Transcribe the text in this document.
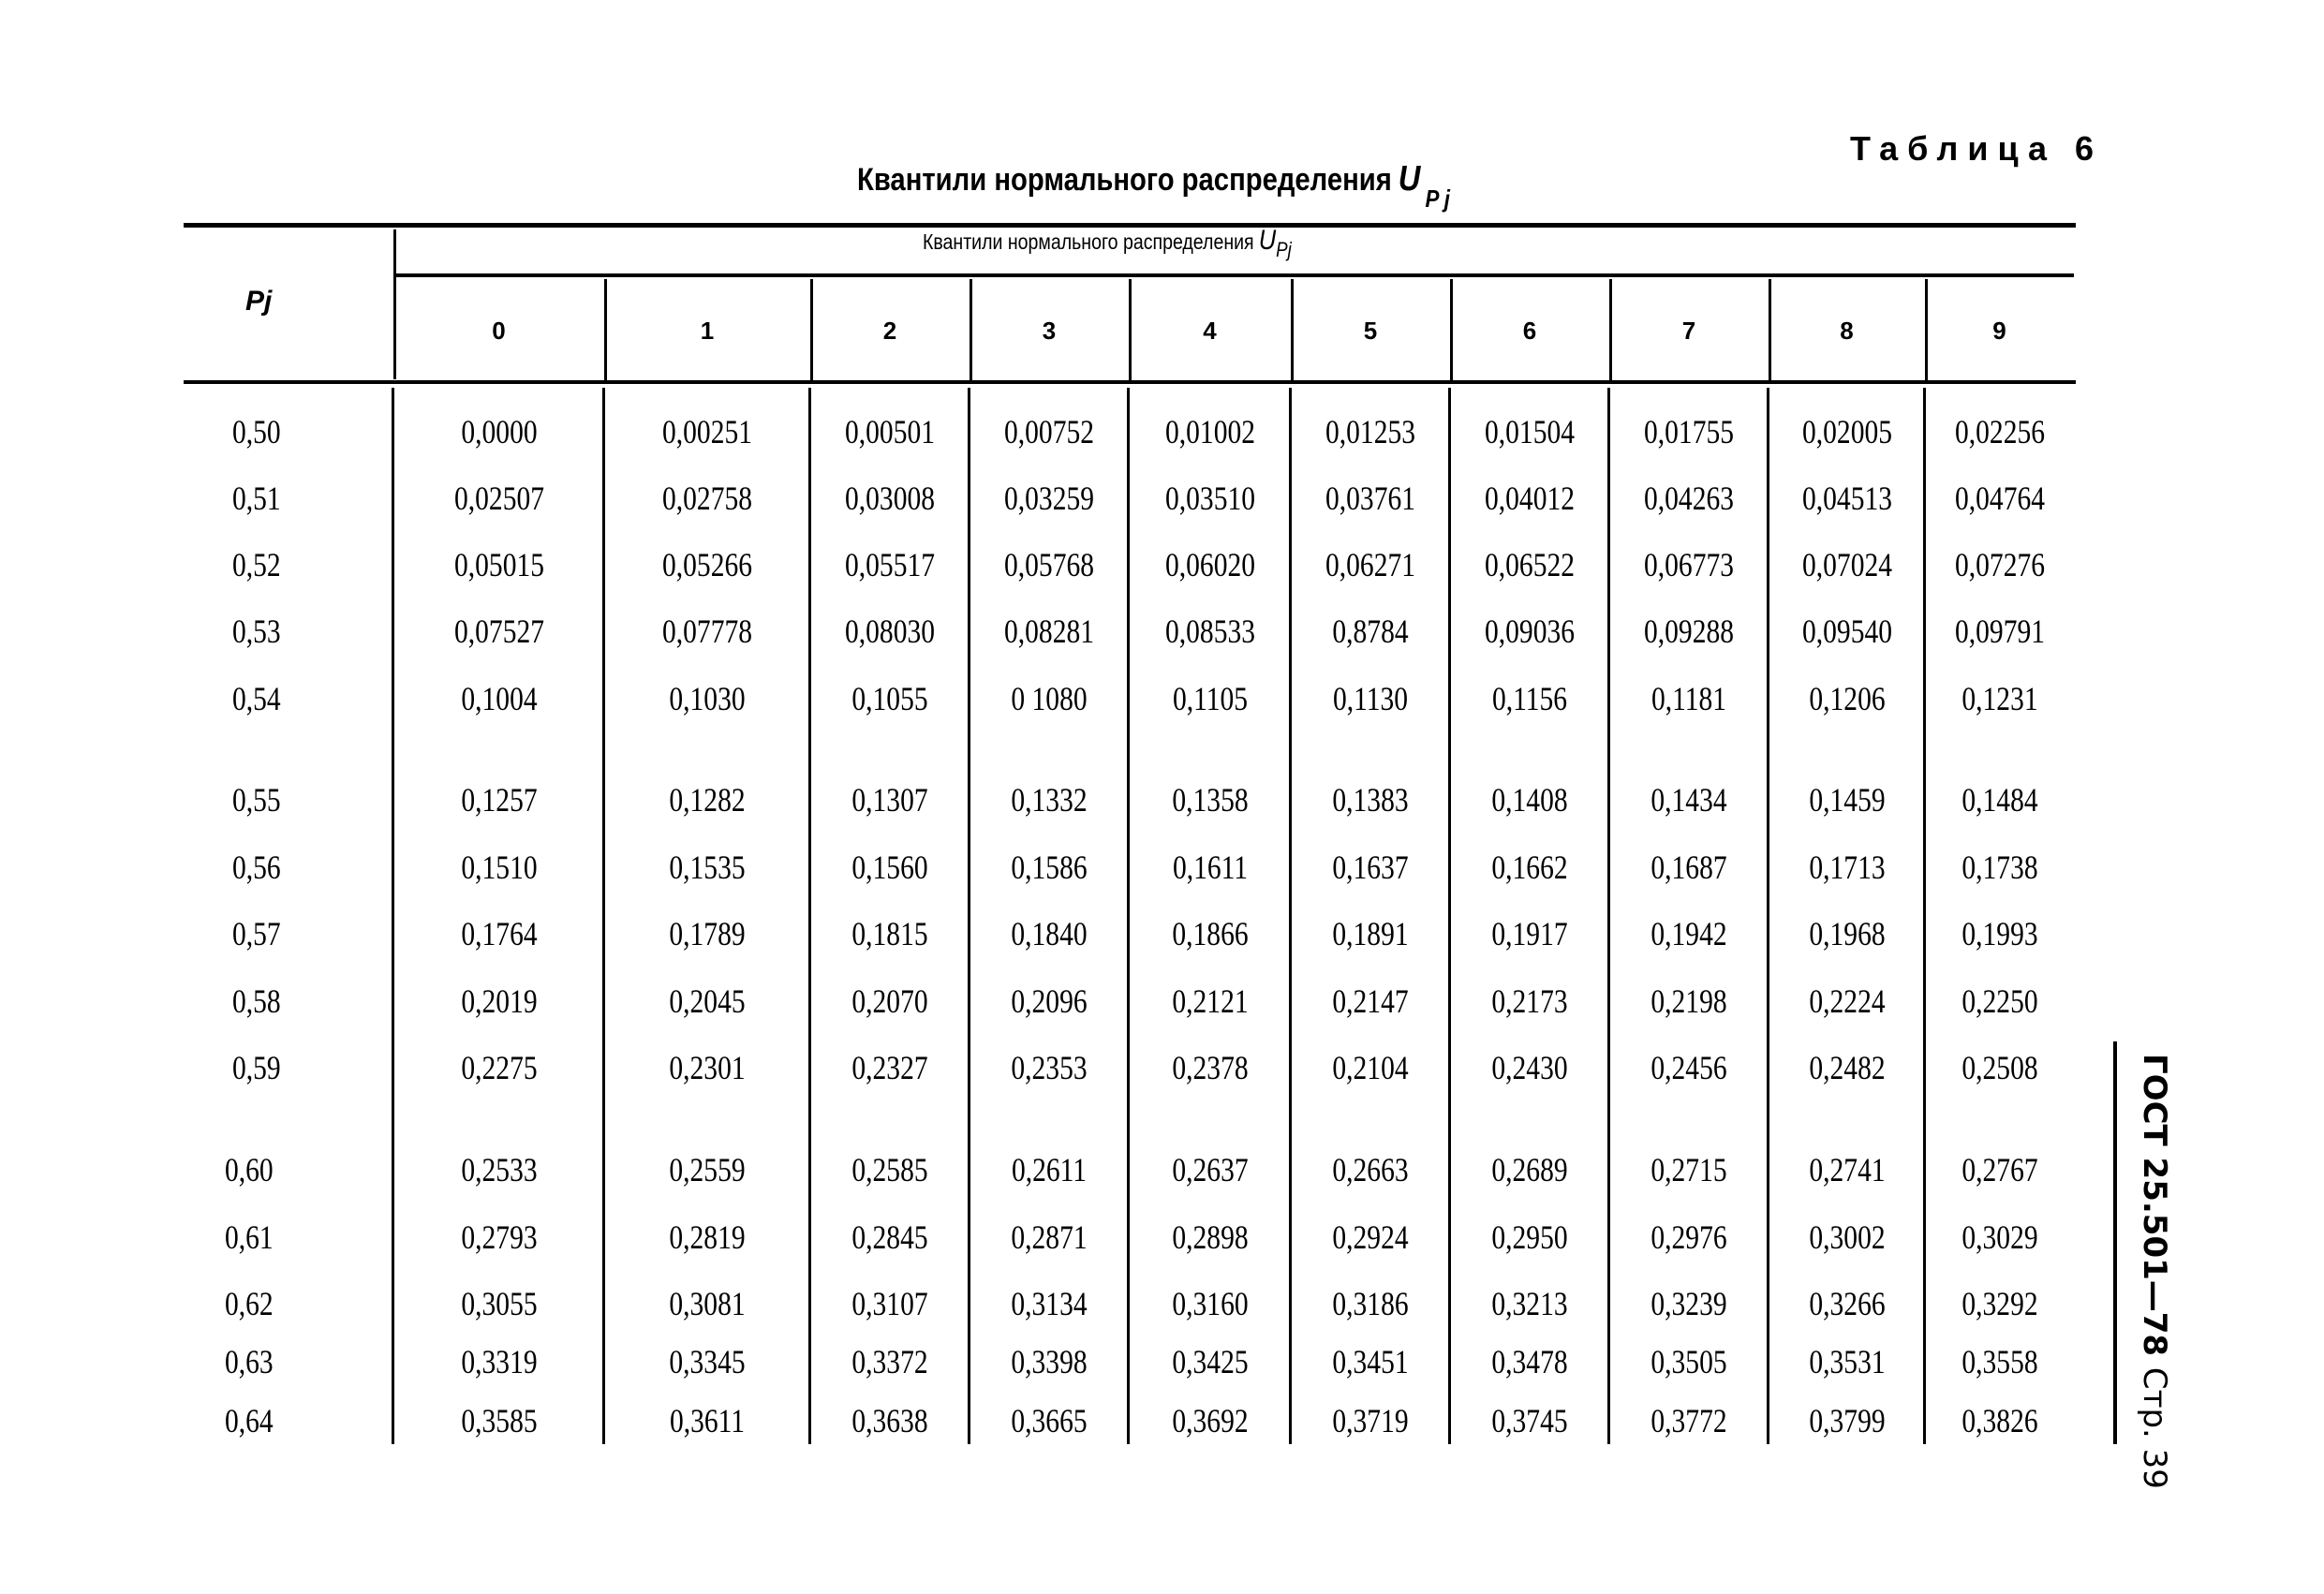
Таблица 6
Квантили нормального распределения U $_{P j}$
Квантили нормального распределения UPj
Pj
0	1	2	3	4	5	6	7	8	9
0,50	0,0000	0,00251	0,00501 0,00752 0,01002 0,01253 0,01504 0,01755 0,02005 0,02256
0,51	0,02507	0,02758	0,03008 0,03259 0,03510 0,03761 0,04012 0,04263 0,04513 0,04764
0,52	0,05015	0,05266	0,05517 0,05768 0,06020 0,06271 0,06522 0,06773 0,07024 0,07276
0,53	0,07527	0,07778	0,08030 0,08281 0,08533 0,8784 0,09036 0,09288 0,09540 0,09791
0,54	0,1004	0,1030	0,1055 0 1080	0,1105	0,1130 0,1156 0,1181 0,1206 0,1231
0,55	0,1257	0,1282	0,1307 0,1332	0,1358	0,1383 0,1408 0,1434 0,1459 0,1484
0,56	0,1510	0,1535	0,1560 0,1586	0,1611	0,1637 0,1662 0,1687 0,1713 0,1738
0,57	0,1764	0,1789	0,1815 0,1840	0,1866	0,1891 0,1917 0,1942 0,1968 0,1993
0,58	0,2019	0,2045	0,2070 0,2096	0,2121	0,2147 0,2173 0,2198 0,2224 0,2250
0,59	0,2275	0,2301	0,2327 0,2353	0,2378	0,2104 0,2430 0,2456 0,2482 0,2508
0,60	0,2533	0,2559	0,2585 0,2611	0,2637	0,2663 0,2689 0,2715 0,2741 0,2767
0,61	0,2793	0,2819	0,2845 0,2871	0,2898	0,2924 0,2950 0,2976 0,3002 0,3029
0,62	0,3055	0,3081	0,3107 0,3134	0,3160	0,3186 0,3213 0,3239 0,3266 0,3292
0,63	0,3319	0,3345	0,3372 0,3398	0,3425	0,3451 0,3478 0,3505 0,3531 0,3558
0,64	0,3585	0,3611	0,3638 0,3665	0,3692	0,3719 0,3745 0,3772 0,3799 0,3826
ГОСТ 25.501—78 Стр. 39
